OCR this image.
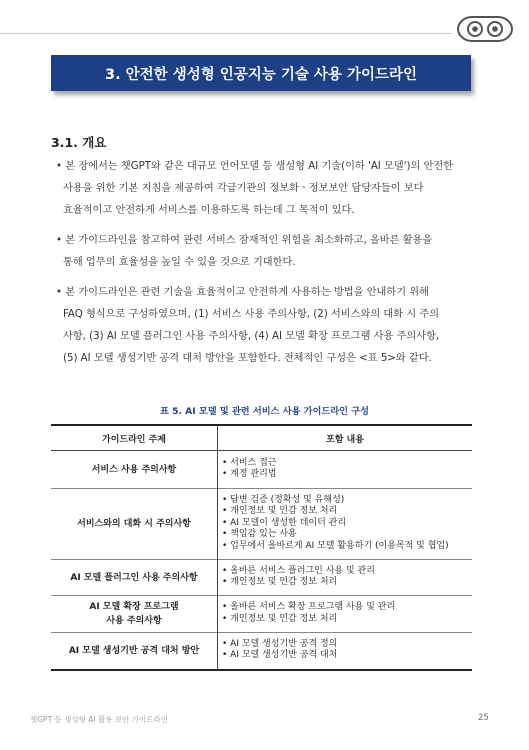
3. 안전한 생성형 인공지능 기술 사용 가이드라인
3.1. 개요
• 본 장에서는 챗GPT와 같은 대규모 언어모델 등 생성형 AI 기술(이하 'AI 모델')의 안전한
사용을 위한 기본 지침을 제공하여 각급기관의 정보화ㆍ정보보안 담당자들이 보다
효율적이고 안전하게 서비스를 이용하도록 하는데 그 목적이 있다.
• 본 가이드라인을 참고하여 관련 서비스 잠재적인 위험을 최소화하고, 올바른 활용을
통해 업무의 효율성을 높일 수 있을 것으로 기대한다.
• 본 가이드라인은 관련 기술을 효율적이고 안전하게 사용하는 방법을 안내하기 위해
FAQ 형식으로 구성하였으며, (1) 서비스 사용 주의사항, (2) 서비스와의 대화 시 주의
사항, (3) AI 모델 플러그인 사용 주의사항, (4) AI 모델 확장 프로그램 사용 주의사항,
(5) AI 모델 생성기반 공격 대처 방안을 포함한다. 전체적인 구성은 <표 5>와 같다.
표 5. AI 모델 및 관련 서비스 사용 가이드라인 구성
가이드라인 주제	포함 내용

서비스 사용 주의사항	• 서비스 접근
• 계정 관리법

서비스와의 대화 시 주의사항	• 답변 검증 (정확성 및 유해성)
• 개인정보 및 민감 정보 처리
• AI 모델이 생성한 데이터 관리
• 책임감 있는 사용
• 업무에서 올바르게 AI 모델 활용하기 (이용목적 및 협업)

AI 모델 플러그인 사용 주의사항	• 올바른 서비스 플러그인 사용 및 관리
• 개인정보 및 민감 정보 처리

AI 모델 확장 프로그램
사용 주의사항	• 올바른 서비스 확장 프로그램 사용 및 관리
• 개인정보 및 민감 정보 처리

AI 모델 생성기반 공격 대처 방안	• AI 모델 생성기반 공격 정의
• AI 모델 생성기반 공격 대처
챗GPT 등 생성형 AI 활용 보안 가이드라인	25
